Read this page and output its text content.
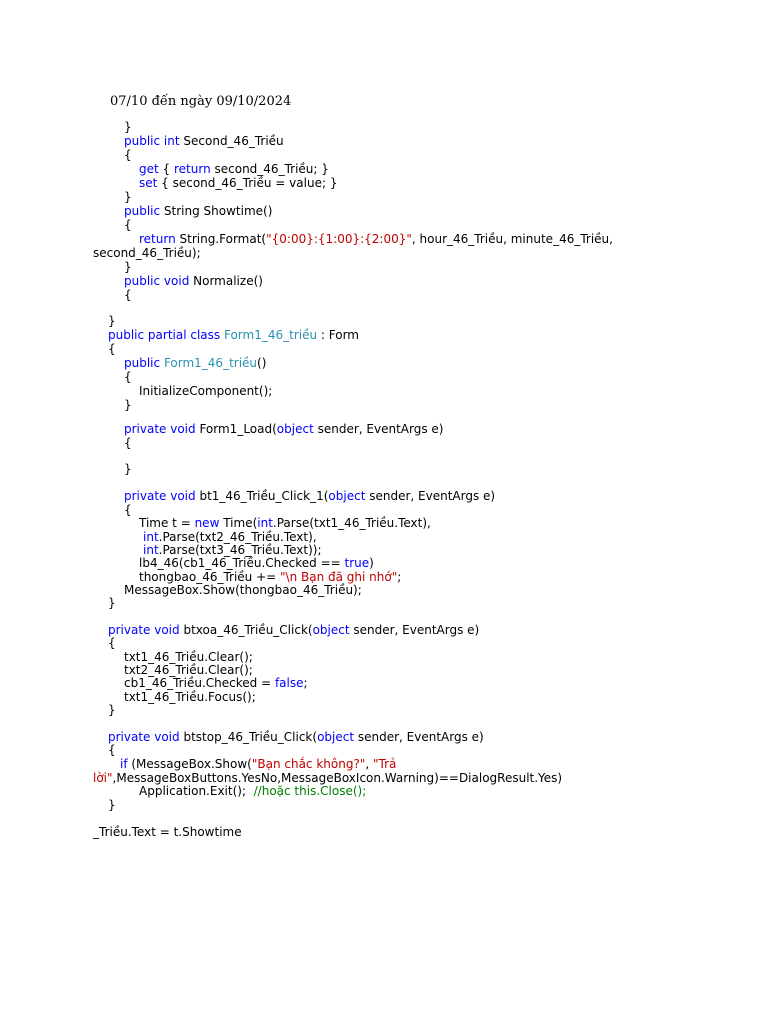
07/10 đến ngày 09/10/2024
}
public int Second_46_Triều
{
get { return second_46_Triều; }
set { second_46_Triều = value; }
}
public String Showtime()
{
return String.Format("{0:00}:{1:00}:{2:00}", hour_46_Triều, minute_46_Triều,
second_46_Triều);
}
public void Normalize()
{
}
public partial class Form1_46_triều : Form
{
public Form1_46_triều()
{
InitializeComponent();
}
private void Form1_Load(object sender, EventArgs e)
{
}
private void bt1_46_Triều_Click_1(object sender, EventArgs e)
{
Time t = new Time(int.Parse(txt1_46_Triều.Text),
int.Parse(txt2_46_Triều.Text),
int.Parse(txt3_46_Triều.Text));
lb4_46(cb1_46_Triều.Checked == true)
thongbao_46_Triều += "\n Bạn đã ghi nhớ";
MessageBox.Show(thongbao_46_Triều);
}
private void btxoa_46_Triều_Click(object sender, EventArgs e)
{
txt1_46_Triều.Clear();
txt2_46_Triều.Clear();
cb1_46_Triều.Checked = false;
txt1_46_Triều.Focus();
}
private void btstop_46_Triều_Click(object sender, EventArgs e)
{
if (MessageBox.Show("Bạn chắc không?", "Trả
lời",MessageBoxButtons.YesNo,MessageBoxIcon.Warning)==DialogResult.Yes)
Application.Exit();  //hoặc this.Close();
}
_Triều.Text = t.Showtime
